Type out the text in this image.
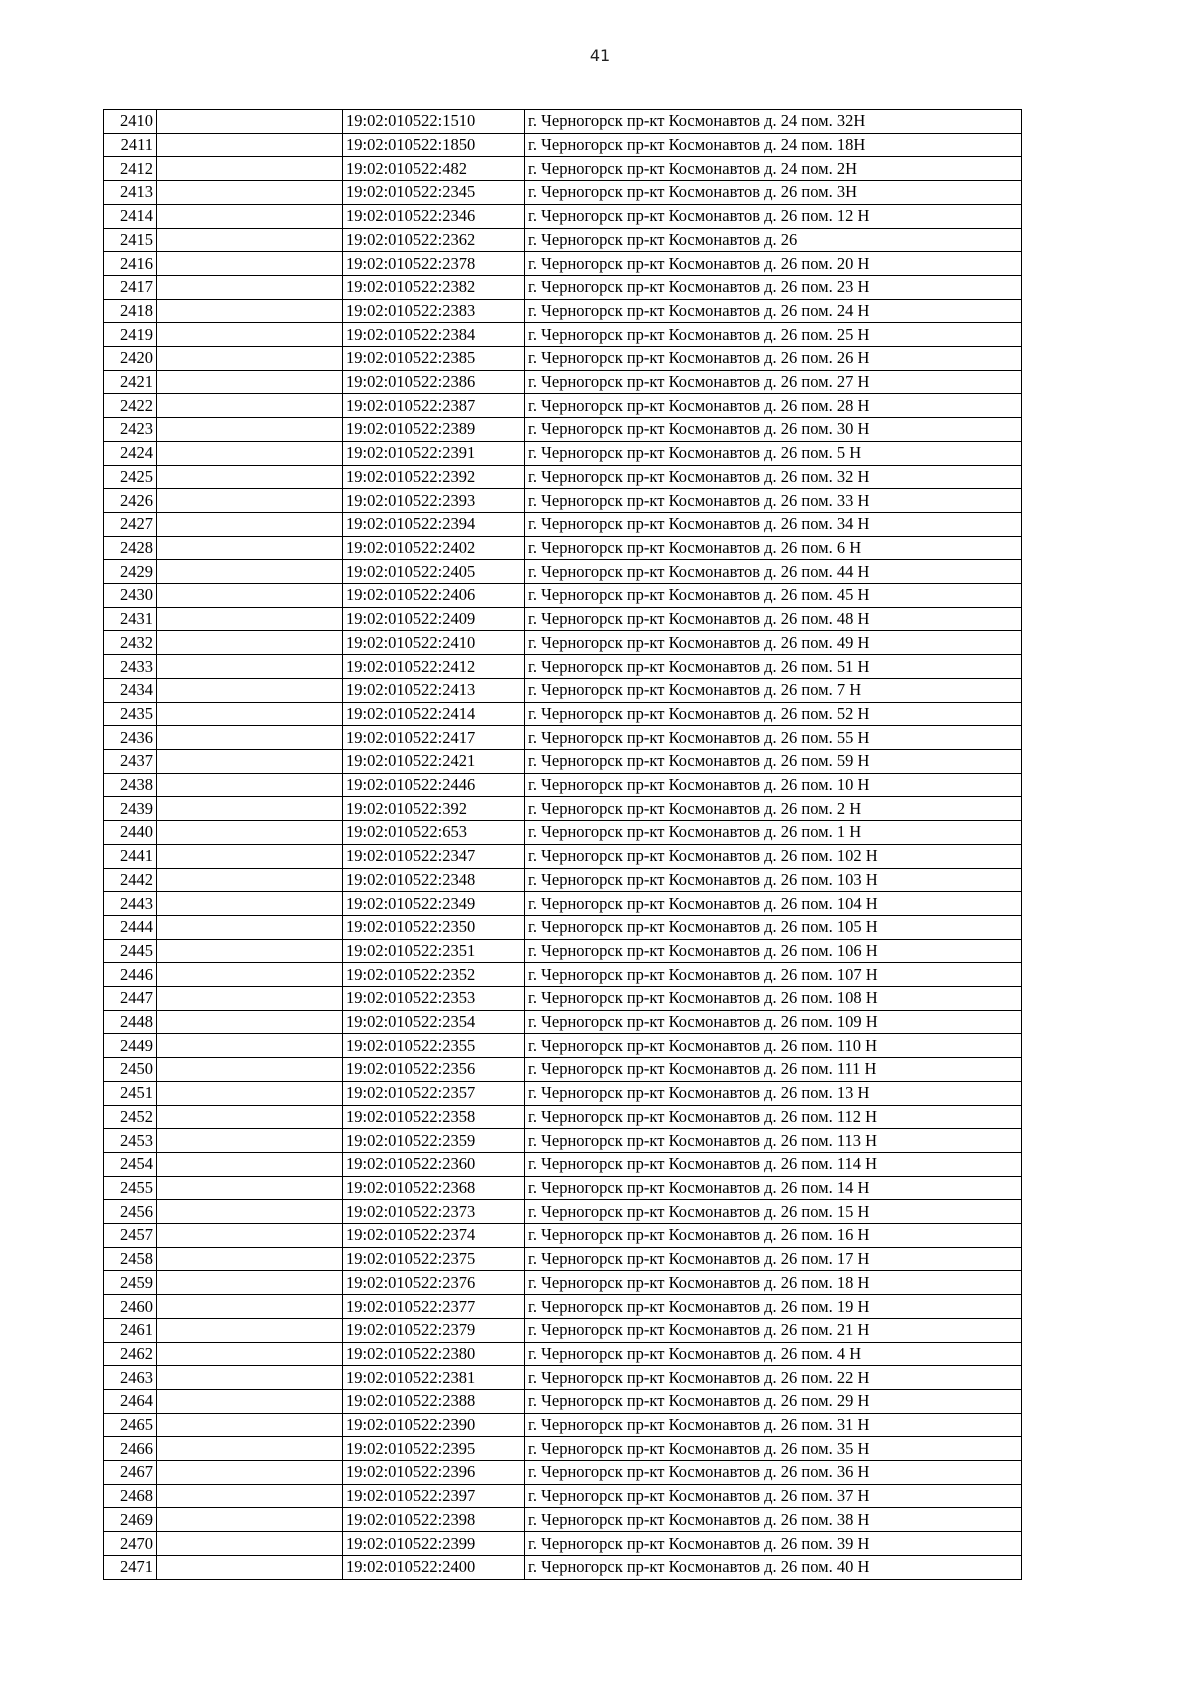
41
2410		19:02:010522:1510	г. Черногорск пр-кт Космонавтов д. 24 пом. 32Н
2411		19:02:010522:1850	г. Черногорск пр-кт Космонавтов д. 24 пом. 18Н
2412		19:02:010522:482	г. Черногорск пр-кт Космонавтов д. 24 пом. 2Н
2413		19:02:010522:2345	г. Черногорск пр-кт Космонавтов д. 26 пом. 3Н
2414		19:02:010522:2346	г. Черногорск пр-кт Космонавтов д. 26 пом. 12 Н
2415		19:02:010522:2362	г. Черногорск пр-кт Космонавтов д. 26
2416		19:02:010522:2378	г. Черногорск пр-кт Космонавтов д. 26 пом. 20 Н
2417		19:02:010522:2382	г. Черногорск пр-кт Космонавтов д. 26 пом. 23 Н
2418		19:02:010522:2383	г. Черногорск пр-кт Космонавтов д. 26 пом. 24 Н
2419		19:02:010522:2384	г. Черногорск пр-кт Космонавтов д. 26 пом. 25 Н
2420		19:02:010522:2385	г. Черногорск пр-кт Космонавтов д. 26 пом. 26 Н
2421		19:02:010522:2386	г. Черногорск пр-кт Космонавтов д. 26 пом. 27 Н
2422		19:02:010522:2387	г. Черногорск пр-кт Космонавтов д. 26 пом. 28 Н
2423		19:02:010522:2389	г. Черногорск пр-кт Космонавтов д. 26 пом. 30 Н
2424		19:02:010522:2391	г. Черногорск пр-кт Космонавтов д. 26 пом. 5 Н
2425		19:02:010522:2392	г. Черногорск пр-кт Космонавтов д. 26 пом. 32 Н
2426		19:02:010522:2393	г. Черногорск пр-кт Космонавтов д. 26 пом. 33 Н
2427		19:02:010522:2394	г. Черногорск пр-кт Космонавтов д. 26 пом. 34 Н
2428		19:02:010522:2402	г. Черногорск пр-кт Космонавтов д. 26 пом. 6 Н
2429		19:02:010522:2405	г. Черногорск пр-кт Космонавтов д. 26 пом. 44 Н
2430		19:02:010522:2406	г. Черногорск пр-кт Космонавтов д. 26 пом. 45 Н
2431		19:02:010522:2409	г. Черногорск пр-кт Космонавтов д. 26 пом. 48 Н
2432		19:02:010522:2410	г. Черногорск пр-кт Космонавтов д. 26 пом. 49 Н
2433		19:02:010522:2412	г. Черногорск пр-кт Космонавтов д. 26 пом. 51 Н
2434		19:02:010522:2413	г. Черногорск пр-кт Космонавтов д. 26 пом. 7 Н
2435		19:02:010522:2414	г. Черногорск пр-кт Космонавтов д. 26 пом. 52 Н
2436		19:02:010522:2417	г. Черногорск пр-кт Космонавтов д. 26 пом. 55 Н
2437		19:02:010522:2421	г. Черногорск пр-кт Космонавтов д. 26 пом. 59 Н
2438		19:02:010522:2446	г. Черногорск пр-кт Космонавтов д. 26 пом. 10 Н
2439		19:02:010522:392	г. Черногорск пр-кт Космонавтов д. 26 пом. 2 Н
2440		19:02:010522:653	г. Черногорск пр-кт Космонавтов д. 26 пом. 1 Н
2441		19:02:010522:2347	г. Черногорск пр-кт Космонавтов д. 26 пом. 102 Н
2442		19:02:010522:2348	г. Черногорск пр-кт Космонавтов д. 26 пом. 103 Н
2443		19:02:010522:2349	г. Черногорск пр-кт Космонавтов д. 26 пом. 104 Н
2444		19:02:010522:2350	г. Черногорск пр-кт Космонавтов д. 26 пом. 105 Н
2445		19:02:010522:2351	г. Черногорск пр-кт Космонавтов д. 26 пом. 106 Н
2446		19:02:010522:2352	г. Черногорск пр-кт Космонавтов д. 26 пом. 107 Н
2447		19:02:010522:2353	г. Черногорск пр-кт Космонавтов д. 26 пом. 108 Н
2448		19:02:010522:2354	г. Черногорск пр-кт Космонавтов д. 26 пом. 109 Н
2449		19:02:010522:2355	г. Черногорск пр-кт Космонавтов д. 26 пом. 110 Н
2450		19:02:010522:2356	г. Черногорск пр-кт Космонавтов д. 26 пом. 111 Н
2451		19:02:010522:2357	г. Черногорск пр-кт Космонавтов д. 26 пом. 13 Н
2452		19:02:010522:2358	г. Черногорск пр-кт Космонавтов д. 26 пом. 112 Н
2453		19:02:010522:2359	г. Черногорск пр-кт Космонавтов д. 26 пом. 113 Н
2454		19:02:010522:2360	г. Черногорск пр-кт Космонавтов д. 26 пом. 114 Н
2455		19:02:010522:2368	г. Черногорск пр-кт Космонавтов д. 26 пом. 14 Н
2456		19:02:010522:2373	г. Черногорск пр-кт Космонавтов д. 26 пом. 15 Н
2457		19:02:010522:2374	г. Черногорск пр-кт Космонавтов д. 26 пом. 16 Н
2458		19:02:010522:2375	г. Черногорск пр-кт Космонавтов д. 26 пом. 17 Н
2459		19:02:010522:2376	г. Черногорск пр-кт Космонавтов д. 26 пом. 18 Н
2460		19:02:010522:2377	г. Черногорск пр-кт Космонавтов д. 26 пом. 19 Н
2461		19:02:010522:2379	г. Черногорск пр-кт Космонавтов д. 26 пом. 21 Н
2462		19:02:010522:2380	г. Черногорск пр-кт Космонавтов д. 26 пом. 4 Н
2463		19:02:010522:2381	г. Черногорск пр-кт Космонавтов д. 26 пом. 22 Н
2464		19:02:010522:2388	г. Черногорск пр-кт Космонавтов д. 26 пом. 29 Н
2465		19:02:010522:2390	г. Черногорск пр-кт Космонавтов д. 26 пом. 31 Н
2466		19:02:010522:2395	г. Черногорск пр-кт Космонавтов д. 26 пом. 35 Н
2467		19:02:010522:2396	г. Черногорск пр-кт Космонавтов д. 26 пом. 36 Н
2468		19:02:010522:2397	г. Черногорск пр-кт Космонавтов д. 26 пом. 37 Н
2469		19:02:010522:2398	г. Черногорск пр-кт Космонавтов д. 26 пом. 38 Н
2470		19:02:010522:2399	г. Черногорск пр-кт Космонавтов д. 26 пом. 39 Н
2471		19:02:010522:2400	г. Черногорск пр-кт Космонавтов д. 26 пом. 40 Н
